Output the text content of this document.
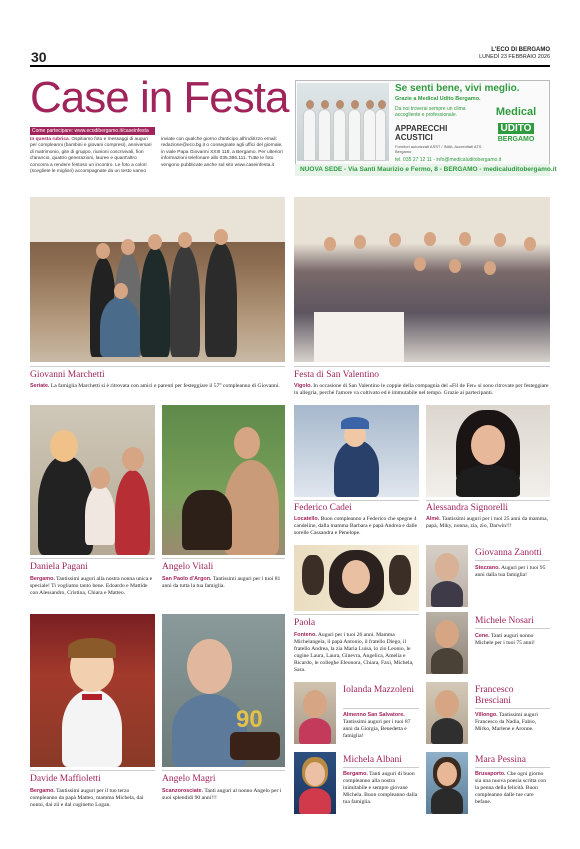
30	L'ECO DI BERGAMO
LUNEDÌ 23 FEBBRAIO 2026
Case in Festa
Come partecipare: www.ecodibergamo.it/caseinfesta
In questa rubrica. Ospitiamo foto e messaggi di auguri per compleanni (bambini e giovani compresi), anniversari di matrimonio, gite di gruppo, riunioni coscrivivali, fiori d'arancio, quattro generazioni, lauree e quant'altro concorra a rendere festoso un incontro. Le foto a colori (scegliete le migliori) accompagnate da un testo vanno
inviate con qualche giorno d'anticipo all'indirizzo email: redazione@eco.bg.it o consegnate agli uffici del giornale, in viale Papa Giovanni XXIII 118, a Bergamo. Per ulteriori informazioni telefonare allo 035.386.111. Tutte le foto vengono pubblicate anche sul sito www.caseinfesta.it
Se senti bene, vivi meglio.
Grazie a Medical Udito Bergamo.
Da noi troverai sempre un clima accogliente e professionale.
APPARECCHI ACUSTICI
Fornitori autorizzati ASST / INAIL Accreditati ATS Bergamo
tel. 035 27 12 11 - info@medicaluditobergamo.it
Medical
UDITO
BERGAMO
NUOVA SEDE - Via Santi Maurizio e Fermo, 8 - BERGAMO - medicaluditobergamo.it
Giovanni Marchetti
Seriate. La famiglia Marchetti si è ritrovata con amici e parenti per festeggiare il 57° compleanno di Giovanni.
Festa di San Valentino
Vigolo. In occasione di San Valentino le coppie della compagnia del «Fil de Fer» si sono ritrovate per festeggiare in allegria, perché l'amore va coltivato ed è immutabile nel tempo. Grazie ai partecipanti.
Federico Cadei
Locatello. Buon compleanno a Federico che spegne 4 candeline, dalla mamma Barbara e papà Andrea e dalle sorelle Cassandra e Penelope.
Alessandra Signorelli
Almè. Tantissimi auguri per i tuoi 25 anni da mamma, papà, Miky, nonna, zia, zio, Darwin!!!
Daniela Pagani
Bergamo. Tantissimi auguri alla nostra nonna unica e speciale! Ti vogliamo tanto bene. Edoardo e Mattide con Alessandro, Cristina, Chiara e Matteo.
Angelo Vitali
San Paolo d'Argon. Tantissimi auguri per i tuoi 81 anni da tutta la tua famiglia.
Paola
Fonteno. Auguri per i tuoi 26 anni. Mamma Michelangela, il papà Antonio, il fratello Diego, il fratello Andrea, la zia Maria Luisa, lo zio Leonio, le cugine Laura, Laura, Ginevra, Angelica, Amelia e Ricardo, le colleghe Eleonora, Chiara, Faxi, Michela, Sara.
Giovanna Zanotti
Stezzano. Auguri per i tuoi 95 anni dalla tua famiglia!
Michele Nosari
Cene. Tanti auguri nonno Michele per i tuoi 75 anni!
90
Davide Maffioletti
Bergamo. Tantissimi auguri per il tuo terzo compleanno da papà Matteo, mamma Michela, dai nonni, dai zii e dal cuginetto Logan.
Angelo Magri
Scanzorosciate. Tanti auguri al nonno Angelo per i suoi splendidi 90 anni!!!
Iolanda Mazzoleni
Almenno San Salvatore. Tantissimi auguri per i tuoi 87 anni da Giorgia, Benedetta e famiglia!
Francesco Bresciani
Villongo. Tantissimi auguri Francesco da Nadia, Fabio, Mirko, Marlene e Aronne.
Michela Albani
Bergamo. Tanti auguri di buon compleanno alla nostra inimitabile e sempre giovane Michela. Buon compleanno dalla tua famiglia.
Mara Pessina
Brusaporto. Che ogni giorno sia una nuova poesia scritta con la penna della felicità. Buon compleanno dalle tue care befane.
